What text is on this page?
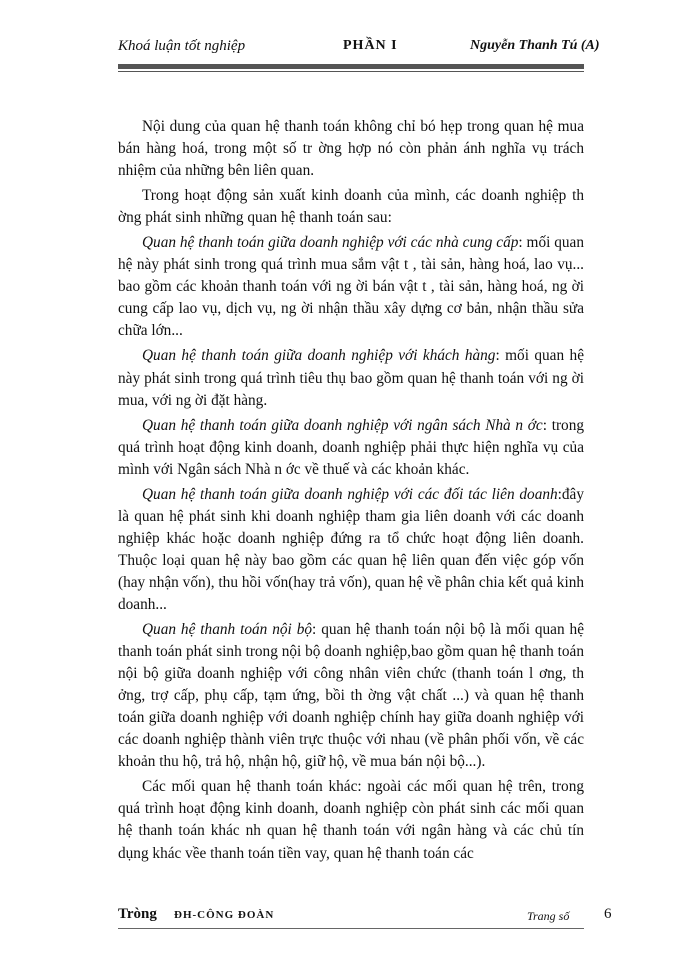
Khoá luận tốt nghiệp	PHẦN I	Nguyễn Thanh Tú (A)

Nội dung của quan hệ thanh toán không chỉ bó hẹp trong quan hệ mua bán hàng hoá, trong một số tr ờng hợp nó còn phản ánh nghĩa vụ trách nhiệm của những bên liên quan.

Trong hoạt động sản xuất kinh doanh của mình, các doanh nghiệp th ờng phát sinh những quan hệ thanh toán sau:

Quan hệ thanh toán giữa doanh nghiệp với các nhà cung cấp: mối quan hệ này phát sinh trong quá trình mua sắm vật t , tài sản, hàng hoá, lao vụ... bao gồm các khoản thanh toán với ng ời bán vật t , tài sản, hàng hoá, ng ời cung cấp lao vụ, dịch vụ, ng ời nhận thầu xây dựng cơ bản, nhận thầu sửa chữa lớn...

Quan hệ thanh toán giữa doanh nghiệp với khách hàng: mối quan hệ này phát sinh trong quá trình tiêu thụ bao gồm quan hệ thanh toán với ng ời mua, với ng ời đặt hàng.

Quan hệ thanh toán giữa doanh nghiệp với ngân sách Nhà n ớc: trong quá trình hoạt động kinh doanh, doanh nghiệp phải thực hiện nghĩa vụ của mình với Ngân sách Nhà n ớc về thuế và các khoản khác.

Quan hệ thanh toán giữa doanh nghiệp với các đối tác liên doanh:đây là quan hệ phát sinh khi doanh nghiệp tham gia liên doanh với các doanh nghiệp khác hoặc doanh nghiệp đứng ra tổ chức hoạt động liên doanh. Thuộc loại quan hệ này bao gồm các quan hệ liên quan đến việc góp vốn (hay nhận vốn), thu hồi vốn(hay trả vốn), quan hệ về phân chia kết quả kinh doanh...

Quan hệ thanh toán nội bộ: quan hệ thanh toán nội bộ là mối quan hệ thanh toán phát sinh trong nội bộ doanh nghiệp,bao gồm quan hệ thanh toán nội bộ giữa doanh nghiệp với công nhân viên chức (thanh toán l ơng, th ởng, trợ cấp, phụ cấp, tạm ứng, bồi th ờng vật chất ...) và quan hệ thanh toán giữa doanh nghiệp với doanh nghiệp chính hay giữa doanh nghiệp với các doanh nghiệp thành viên trực thuộc với nhau (về phân phối vốn, về các khoản thu hộ, trả hộ, nhận hộ, giữ hộ, về mua bán nội bộ...).

Các mối quan hệ thanh toán khác: ngoài các mối quan hệ trên, trong quá trình hoạt động kinh doanh, doanh nghiệp còn phát sinh các mối quan hệ thanh toán khác nh quan hệ thanh toán với ngân hàng và các chủ tín dụng khác vềe thanh toán tiền vay, quan hệ thanh toán các

Tròng ĐH-CÔNG ĐOÀN	Trang số 6
